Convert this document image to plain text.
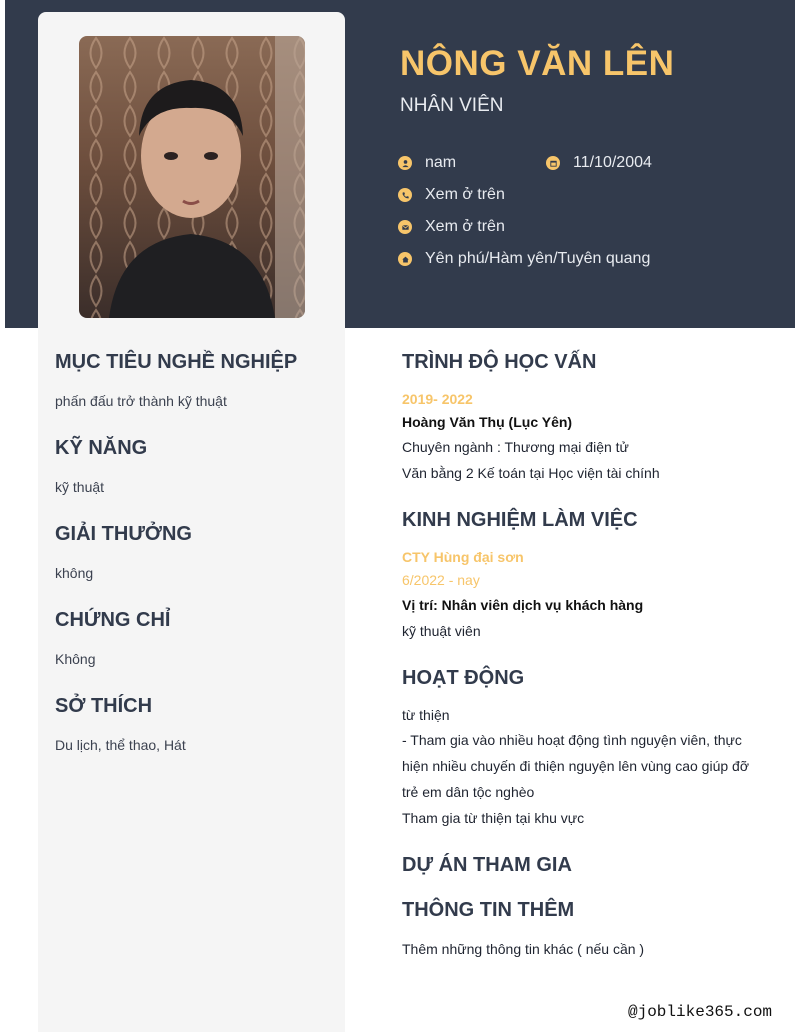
NÔNG VĂN LÊN
NHÂN VIÊN
nam	11/10/2004
Xem ở trên
Xem ở trên
Yên phú/Hàm yên/Tuyên quang
MỤC TIÊU NGHỀ NGHIỆP
phấn đấu trở thành kỹ thuật
KỸ NĂNG
kỹ thuật
GIẢI THƯỞNG
không
CHỨNG CHỈ
Không
SỞ THÍCH
Du lịch, thể thao, Hát
TRÌNH ĐỘ HỌC VẤN
2019- 2022
Hoàng Văn Thụ (Lục Yên)
Chuyên ngành : Thương mại điện tử
Văn bằng 2 Kế toán tại Học viện tài chính
KINH NGHIỆM LÀM VIỆC
CTY Hùng đại sơn
6/2022 - nay
Vị trí: Nhân viên dịch vụ khách hàng
kỹ thuật viên
HOẠT ĐỘNG
từ thiện
- Tham gia vào nhiều hoạt động tình nguyện viên, thực hiện nhiều chuyến đi thiện nguyện lên vùng cao giúp đỡ trẻ em dân tộc nghèo
Tham gia từ thiện tại khu vực
DỰ ÁN THAM GIA
THÔNG TIN THÊM
Thêm những thông tin khác ( nếu cần )
@joblike365.com
